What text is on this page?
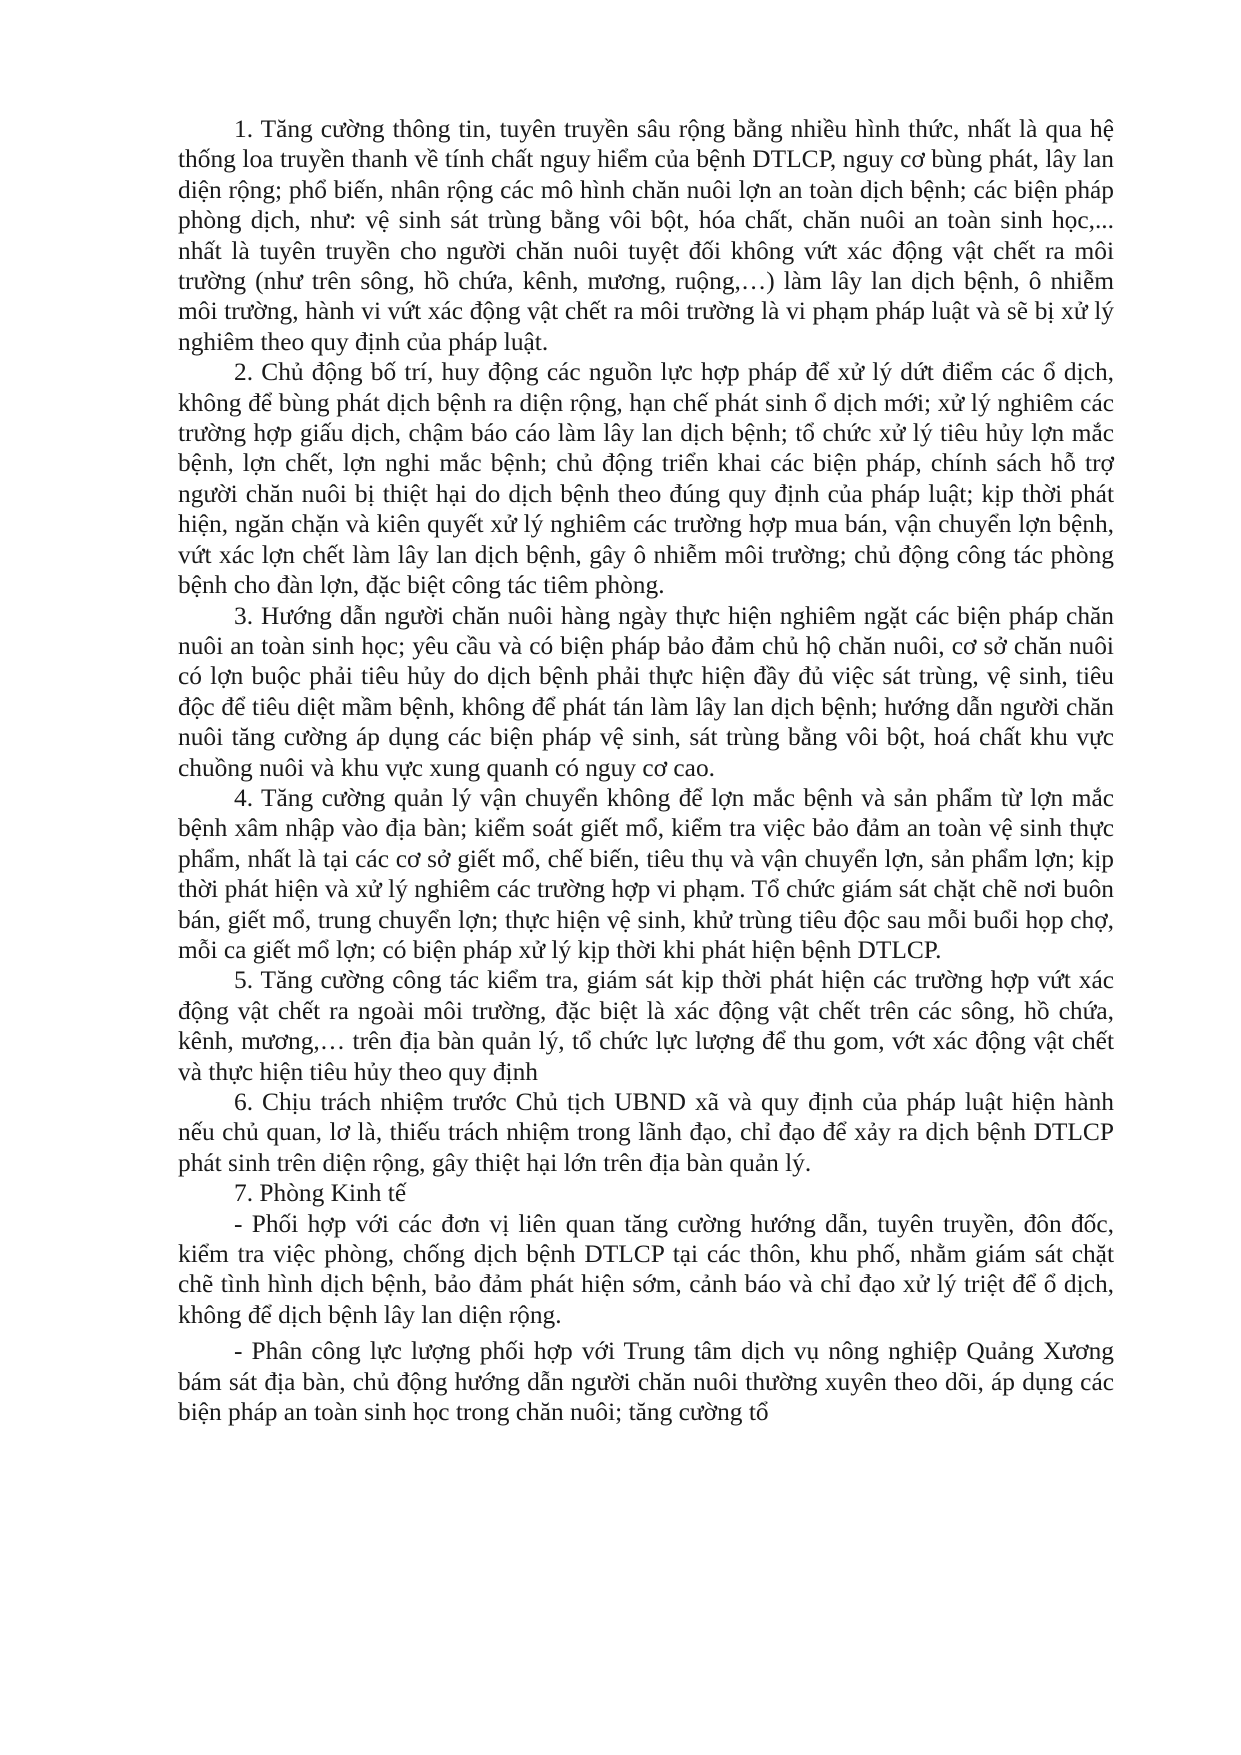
1. Tăng cường thông tin, tuyên truyền sâu rộng bằng nhiều hình thức, nhất là qua hệ thống loa truyền thanh về tính chất nguy hiểm của bệnh DTLCP, nguy cơ bùng phát, lây lan diện rộng; phổ biến, nhân rộng các mô hình chăn nuôi lợn an toàn dịch bệnh; các biện pháp phòng dịch, như: vệ sinh sát trùng bằng vôi bột, hóa chất, chăn nuôi an toàn sinh học,... nhất là tuyên truyền cho người chăn nuôi tuyệt đối không vứt xác động vật chết ra môi trường (như trên sông, hồ chứa, kênh, mương, ruộng,…) làm lây lan dịch bệnh, ô nhiễm môi trường, hành vi vứt xác động vật chết ra môi trường là vi phạm pháp luật và sẽ bị xử lý nghiêm theo quy định của pháp luật.

2. Chủ động bố trí, huy động các nguồn lực hợp pháp để xử lý dứt điểm các ổ dịch, không để bùng phát dịch bệnh ra diện rộng, hạn chế phát sinh ổ dịch mới; xử lý nghiêm các trường hợp giấu dịch, chậm báo cáo làm lây lan dịch bệnh; tổ chức xử lý tiêu hủy lợn mắc bệnh, lợn chết, lợn nghi mắc bệnh; chủ động triển khai các biện pháp, chính sách hỗ trợ người chăn nuôi bị thiệt hại do dịch bệnh theo đúng quy định của pháp luật; kịp thời phát hiện, ngăn chặn và kiên quyết xử lý nghiêm các trường hợp mua bán, vận chuyển lợn bệnh, vứt xác lợn chết làm lây lan dịch bệnh, gây ô nhiễm môi trường; chủ động công tác phòng bệnh cho đàn lợn, đặc biệt công tác tiêm phòng.

3. Hướng dẫn người chăn nuôi hàng ngày thực hiện nghiêm ngặt các biện pháp chăn nuôi an toàn sinh học; yêu cầu và có biện pháp bảo đảm chủ hộ chăn nuôi, cơ sở chăn nuôi có lợn buộc phải tiêu hủy do dịch bệnh phải thực hiện đầy đủ việc sát trùng, vệ sinh, tiêu độc để tiêu diệt mầm bệnh, không để phát tán làm lây lan dịch bệnh; hướng dẫn người chăn nuôi tăng cường áp dụng các biện pháp vệ sinh, sát trùng bằng vôi bột, hoá chất khu vực chuồng nuôi và khu vực xung quanh có nguy cơ cao.

4. Tăng cường quản lý vận chuyển không để lợn mắc bệnh và sản phẩm từ lợn mắc bệnh xâm nhập vào địa bàn; kiểm soát giết mổ, kiểm tra việc bảo đảm an toàn vệ sinh thực phẩm, nhất là tại các cơ sở giết mổ, chế biến, tiêu thụ và vận chuyển lợn, sản phẩm lợn; kịp thời phát hiện và xử lý nghiêm các trường hợp vi phạm. Tổ chức giám sát chặt chẽ nơi buôn bán, giết mổ, trung chuyển lợn; thực hiện vệ sinh, khử trùng tiêu độc sau mỗi buổi họp chợ, mỗi ca giết mổ lợn; có biện pháp xử lý kịp thời khi phát hiện bệnh DTLCP.

5. Tăng cường công tác kiểm tra, giám sát kịp thời phát hiện các trường hợp vứt xác động vật chết ra ngoài môi trường, đặc biệt là xác động vật chết trên các sông, hồ chứa, kênh, mương,… trên địa bàn quản lý, tổ chức lực lượng để thu gom, vớt xác động vật chết và thực hiện tiêu hủy theo quy định

6. Chịu trách nhiệm trước Chủ tịch UBND xã và quy định của pháp luật hiện hành nếu chủ quan, lơ là, thiếu trách nhiệm trong lãnh đạo, chỉ đạo để xảy ra dịch bệnh DTLCP phát sinh trên diện rộng, gây thiệt hại lớn trên địa bàn quản lý.

7. Phòng Kinh tế

- Phối hợp với các đơn vị liên quan tăng cường hướng dẫn, tuyên truyền, đôn đốc, kiểm tra việc phòng, chống dịch bệnh DTLCP tại các thôn, khu phố, nhằm giám sát chặt chẽ tình hình dịch bệnh, bảo đảm phát hiện sớm, cảnh báo và chỉ đạo xử lý triệt để ổ dịch, không để dịch bệnh lây lan diện rộng.

- Phân công lực lượng phối hợp với Trung tâm dịch vụ nông nghiệp Quảng Xương bám sát địa bàn, chủ động hướng dẫn người chăn nuôi thường xuyên theo dõi, áp dụng các biện pháp an toàn sinh học trong chăn nuôi; tăng cường tổ
